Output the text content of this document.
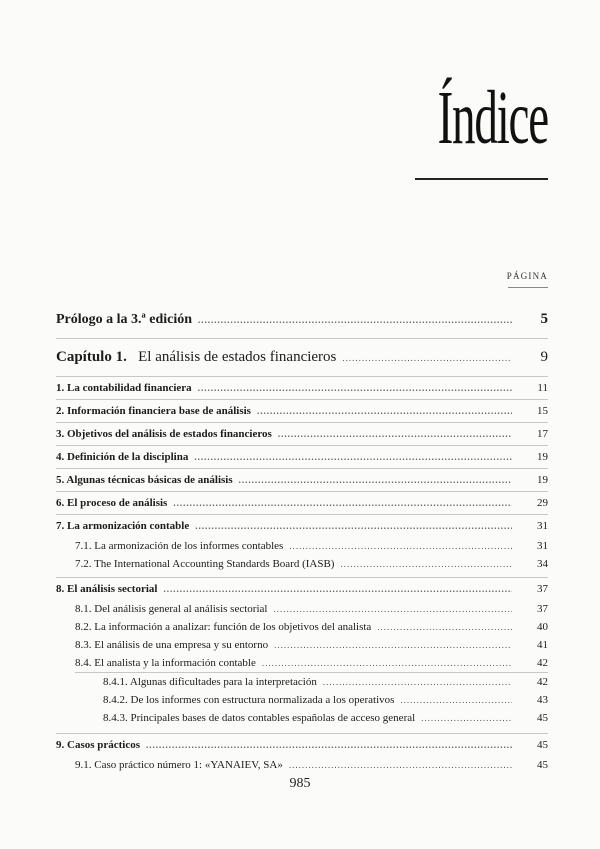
Índice
PÁGINA
Prólogo a la 3.ª edición .....	5
Capítulo 1. El análisis de estados financieros .....	9
1. La contabilidad financiera .....	11
2. Información financiera base de análisis .....	15
3. Objetivos del análisis de estados financieros .....	17
4. Definición de la disciplina .....	19
5. Algunas técnicas básicas de análisis .....	19
6. El proceso de análisis .....	29
7. La armonización contable .....	31
7.1. La armonización de los informes contables .....	31
7.2. The International Accounting Standards Board (IASB) .....	34
8. El análisis sectorial .....	37
8.1. Del análisis general al análisis sectorial .....	37
8.2. La información a analizar: función de los objetivos del analista .....	40
8.3. El análisis de una empresa y su entorno .....	41
8.4. El analista y la información contable .....	42
8.4.1. Algunas dificultades para la interpretación .....	42
8.4.2. De los informes con estructura normalizada a los operativos .....	43
8.4.3. Principales bases de datos contables españolas de acceso general .....	45
9. Casos prácticos .....	45
9.1. Caso práctico número 1: «YANAIEV, SA» .....	45
985
